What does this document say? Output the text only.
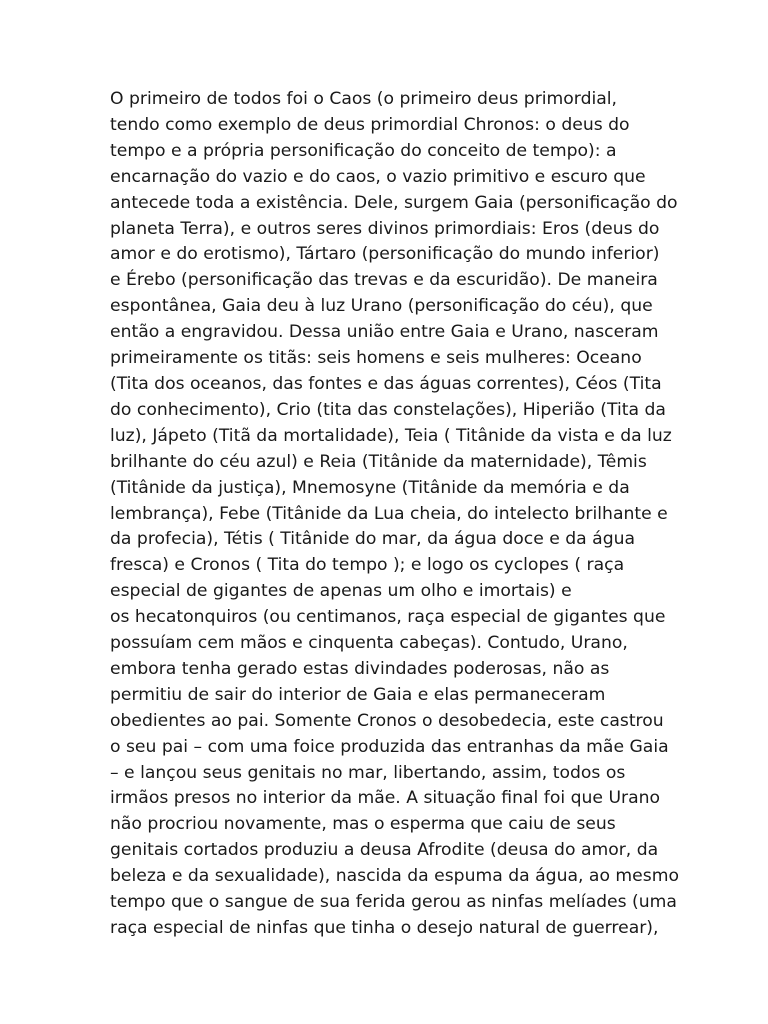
O primeiro de todos foi o Caos (o primeiro deus primordial,
tendo como exemplo de deus primordial Chronos: o deus do
tempo e a própria personificação do conceito de tempo): a
encarnação do vazio e do caos, o vazio primitivo e escuro que
antecede toda a existência. Dele, surgem Gaia (personificação do
planeta Terra), e outros seres divinos primordiais: Eros (deus do
amor e do erotismo), Tártaro (personificação do mundo inferior)
e Érebo (personificação das trevas e da escuridão). De maneira
espontânea, Gaia deu à luz Urano (personificação do céu), que
então a engravidou. Dessa união entre Gaia e Urano, nasceram
primeiramente os titãs: seis homens e seis mulheres: Oceano
(Tita dos oceanos, das fontes e das águas correntes), Céos (Tita
do conhecimento), Crio (tita das constelações), Hiperião (Tita da
luz), Jápeto (Titã da mortalidade), Teia ( Titânide da vista e da luz
brilhante do céu azul) e Reia (Titânide da maternidade), Têmis
(Titânide da justiça), Mnemosyne (Titânide da memória e da
lembrança), Febe (Titânide da Lua cheia, do intelecto brilhante e
da profecia), Tétis ( Titânide do mar, da água doce e da água
fresca) e Cronos ( Tita do tempo ); e logo os cyclopes ( raça
especial de gigantes de apenas um olho e imortais) e
os hecatonquiros (ou centimanos, raça especial de gigantes que
possuíam cem mãos e cinquenta cabeças). Contudo, Urano,
embora tenha gerado estas divindades poderosas, não as
permitiu de sair do interior de Gaia e elas permaneceram
obedientes ao pai. Somente Cronos o desobedecia, este castrou
o seu pai – com uma foice produzida das entranhas da mãe Gaia
– e lançou seus genitais no mar, libertando, assim, todos os
irmãos presos no interior da mãe. A situação final foi que Urano
não procriou novamente, mas o esperma que caiu de seus
genitais cortados produziu a deusa Afrodite (deusa do amor, da
beleza e da sexualidade), nascida da espuma da água, ao mesmo
tempo que o sangue de sua ferida gerou as ninfas melíades (uma
raça especial de ninfas que tinha o desejo natural de guerrear),
